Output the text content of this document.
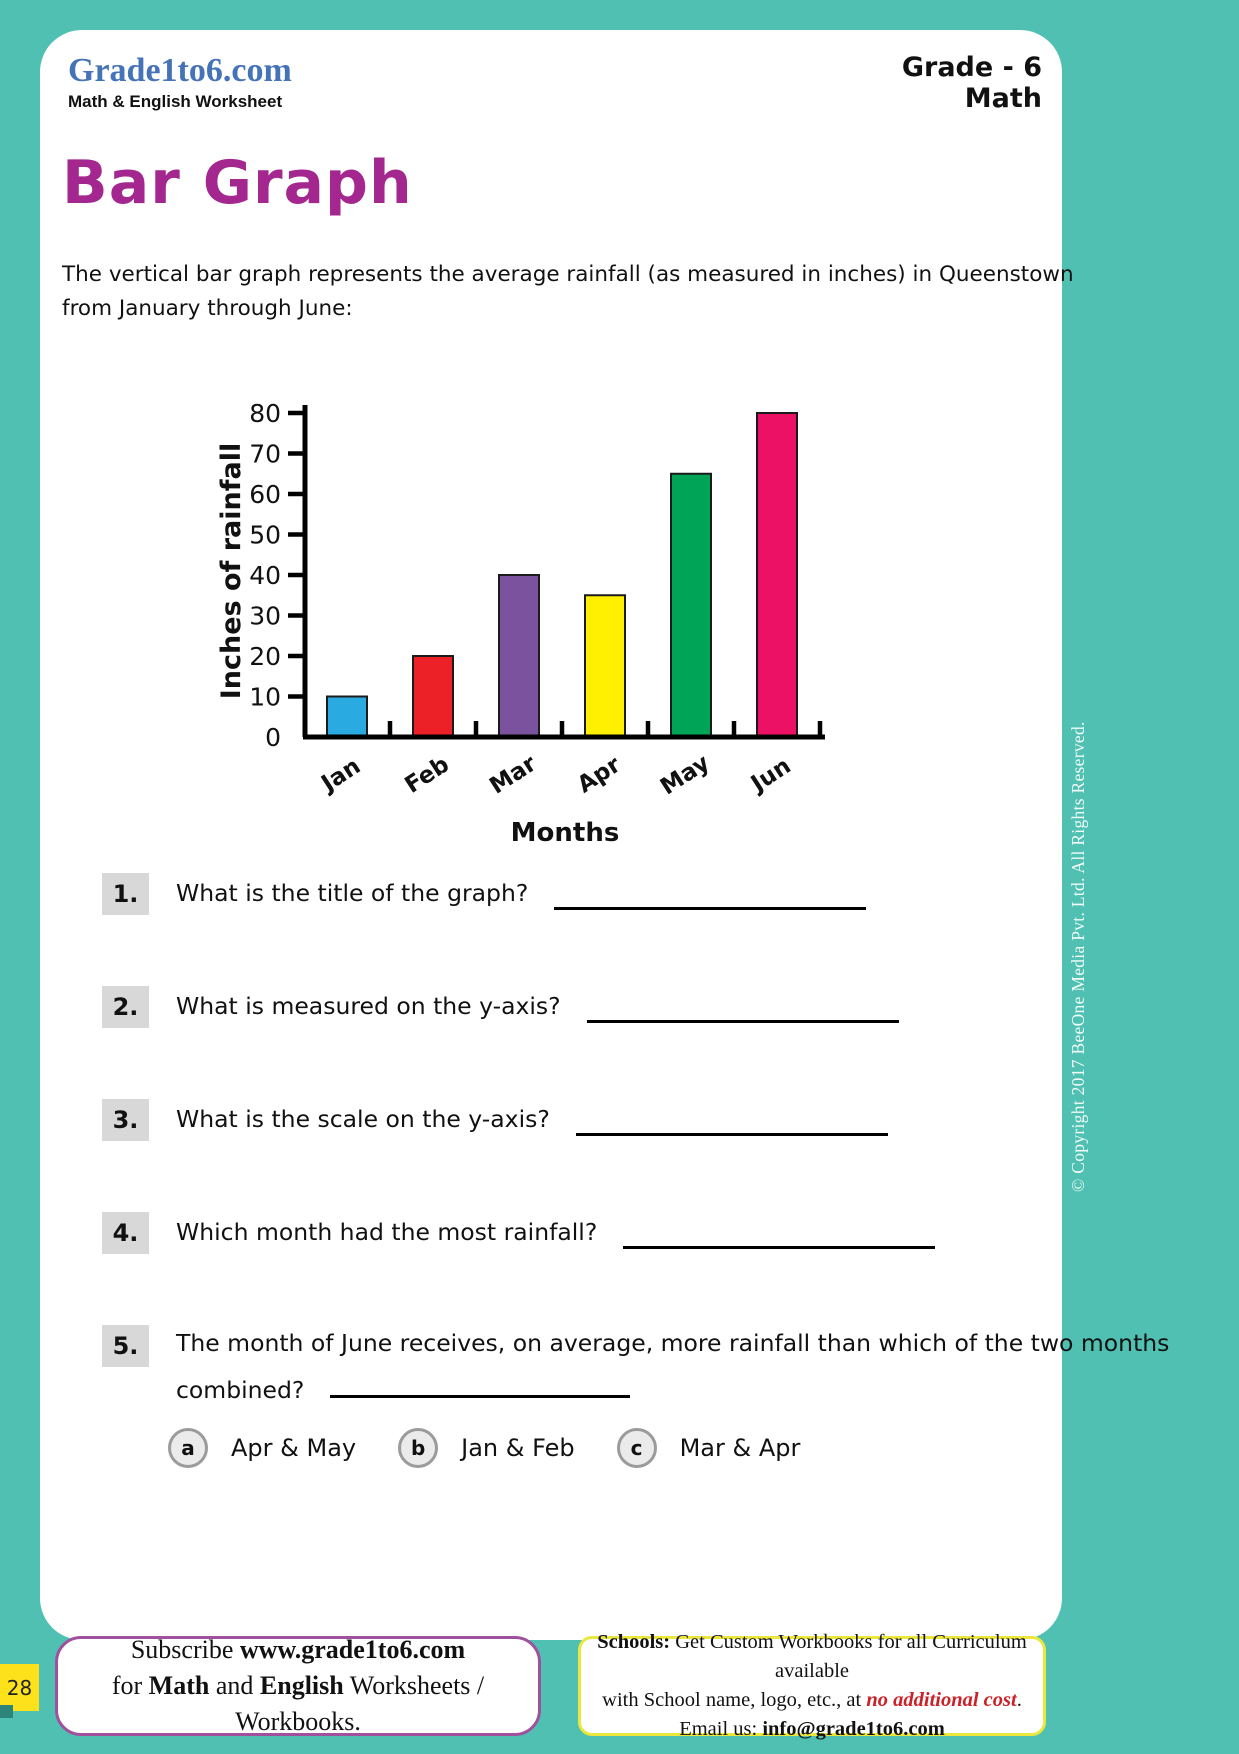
Grade1to6.com
Math & English Worksheet
Grade - 6
Math
Bar Graph
The vertical bar graph represents the average rainfall (as measured in inches) in Queenstown
from January through June:
0
10
20
30
40
50
60
70
80
Jan Feb Mar Apr May Jun
Inches of rainfall
Months
1.	What is the title of the graph?
2.	What is measured on the y-axis?
3.	What is the scale on the y-axis?
4.	Which month had the most rainfall?
5.	The month of June receives, on average, more rainfall than which of the two months
combined?
a	Apr & May	b	Jan & Feb	c	Mar & Apr
Subscribe www.grade1to6.com
for Math and English Worksheets / Workbooks.
Schools: Get Custom Workbooks for all Curriculum available
with School name, logo, etc., at no additional cost.
Email us: info@grade1to6.com
28
© Copyright 2017 BeeOne Media Pvt. Ltd. All Rights Reserved.
